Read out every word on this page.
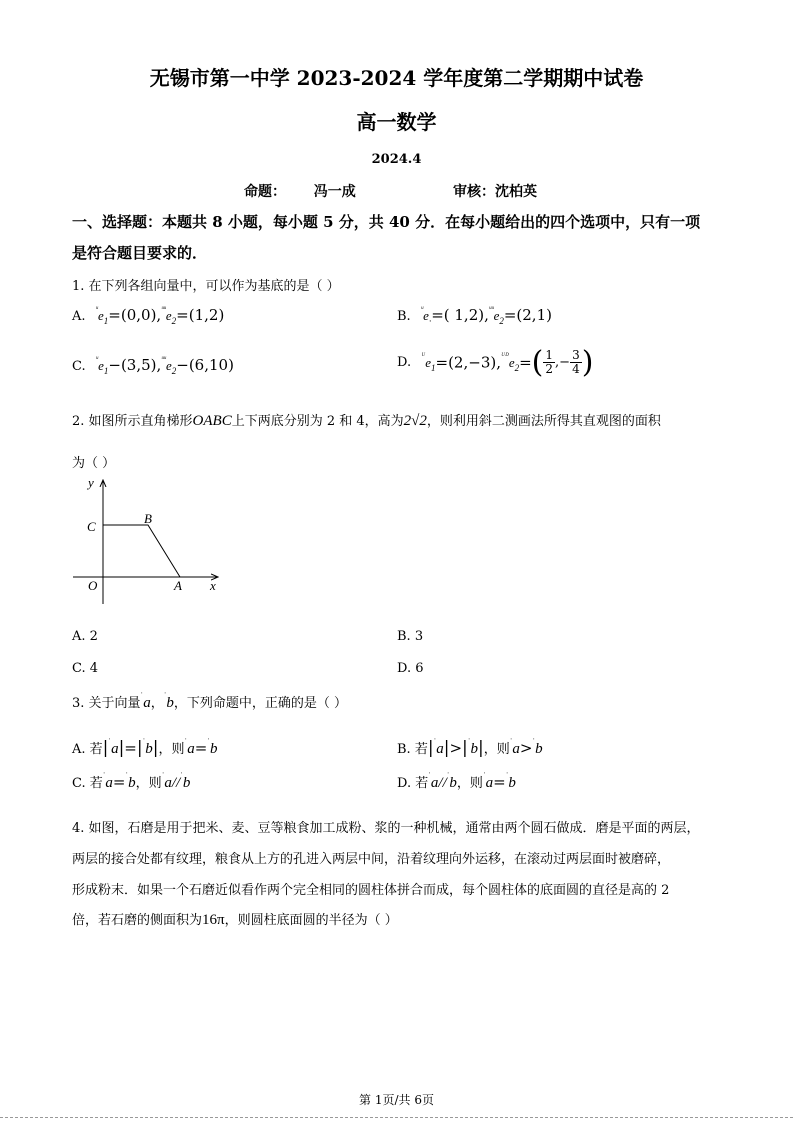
无锡市第一中学 2023-2024 学年度第二学期期中试卷
高一数学
2024.4
命题： 冯一成	审核：沈柏英
一、选择题：本题共 8 小题，每小题 5 分，共 40 分．在每小题给出的四个选项中，只有一项
是符合题目要求的．
1. 在下列各组向量中，可以作为基底的是（ ）
A. $^ᵘe_1=(0,0),^{ᵘᵘ}e_2=(1,2)$	B. $^ᵘe_\cdot=$( $1,2),^{ᵘᵘ}e_2=(2,1)$
C. $^ᵘe_1-(3,5),^{ᵘᵘ}e_2-(6,10)$	D. $^ᵁe_1=(2,-3),^{ᵁᴰ}e_2=( \frac{1}{2}$ ,− $\frac{3}{4}$ )
2. 如图所示直角梯形OABC上下两底分别为 2 和 4，高为2√2，则利用斜二测画法所得其直观图的面积
为（ ）
y
x
O	A
B
C
A. 2	B. 3
C. 4	D. 6
3. 关于向量$^ˈ$a，$^ˈ$b，下列命题中，正确的是（ ）
A. 若$|^ˈa|=|^ˈb|$，则$^ˈ$a=$^ˈ$b	B. 若$|^ˈa|>|^ˈb|$，则$^ˈ$a>$^ˈ$b
C. 若$^ˈ$a=$^ˈ$b，则$^ˈ$a//$^ˈ$b	D. 若$^ˈ$a//$^ˈ$b，则$^ˈ$a=$^ˈ$b
4. 如图，石磨是用于把米、麦、豆等粮食加工成粉、浆的一种机械，通常由两个圆石做成．磨是平面的两层，
两层的接合处都有纹理，粮食从上方的孔进入两层中间，沿着纹理向外运移，在滚动过两层面时被磨碎，
形成粉末．如果一个石磨近似看作两个完全相同的圆柱体拼合而成，每个圆柱体的底面圆的直径是高的 2
倍，若石磨的侧面积为16π，则圆柱底面圆的半径为（ ）
第 1页/共 6页
